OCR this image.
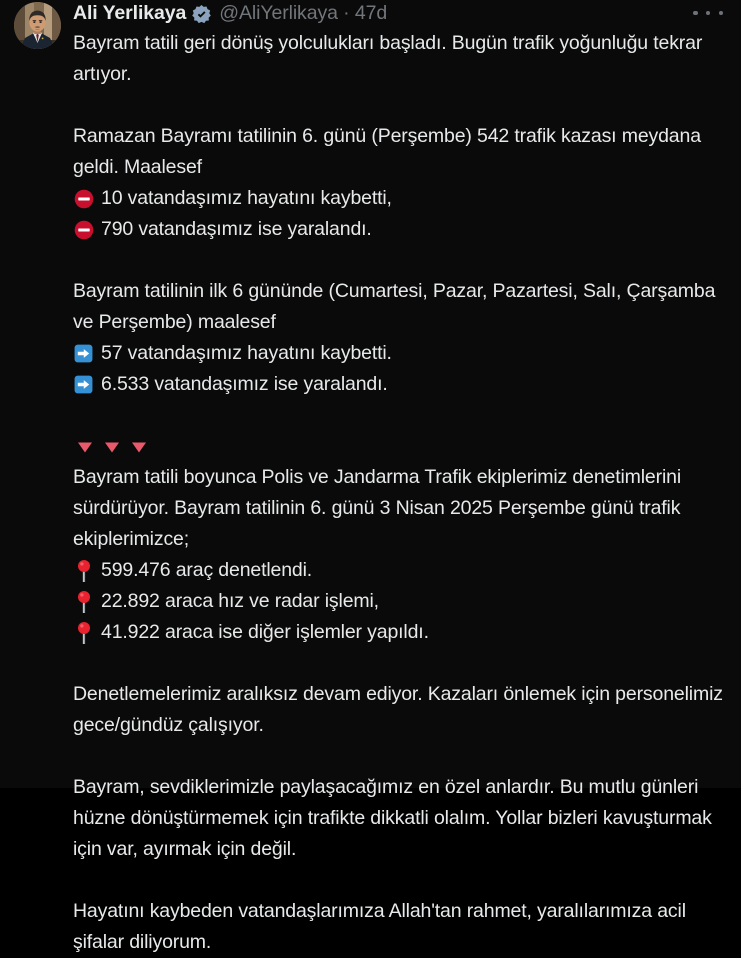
Ali Yerlikaya @AliYerlikaya · 47d
Bayram tatili geri dönüş yolculukları başladı. Bugün trafik yoğunluğu tekrar artıyor.
Ramazan Bayramı tatilinin 6. günü (Perşembe) 542 trafik kazası meydana geldi. Maalesef
10 vatandaşımız hayatını kaybetti,
790 vatandaşımız ise yaralandı.
Bayram tatilinin ilk 6 gününde (Cumartesi, Pazar, Pazartesi, Salı, Çarşamba ve Perşembe) maalesef
57 vatandaşımız hayatını kaybetti.
6.533 vatandaşımız ise yaralandı.
Bayram tatili boyunca Polis ve Jandarma Trafik ekiplerimiz denetimlerini sürdürüyor. Bayram tatilinin 6. günü 3 Nisan 2025 Perşembe günü trafik ekiplerimizce;
599.476 araç denetlendi.
22.892 araca hız ve radar işlemi,
41.922 araca ise diğer işlemler yapıldı.
Denetlemelerimiz aralıksız devam ediyor. Kazaları önlemek için personelimiz gece/gündüz çalışıyor.
Bayram, sevdiklerimizle paylaşacağımız en özel anlardır. Bu mutlu günleri hüzne dönüştürmemek için trafikte dikkatli olalım. Yollar bizleri kavuşturmak için var, ayırmak için değil.
Hayatını kaybeden vatandaşlarımıza Allah'tan rahmet, yaralılarımıza acil şifalar diliyorum.
